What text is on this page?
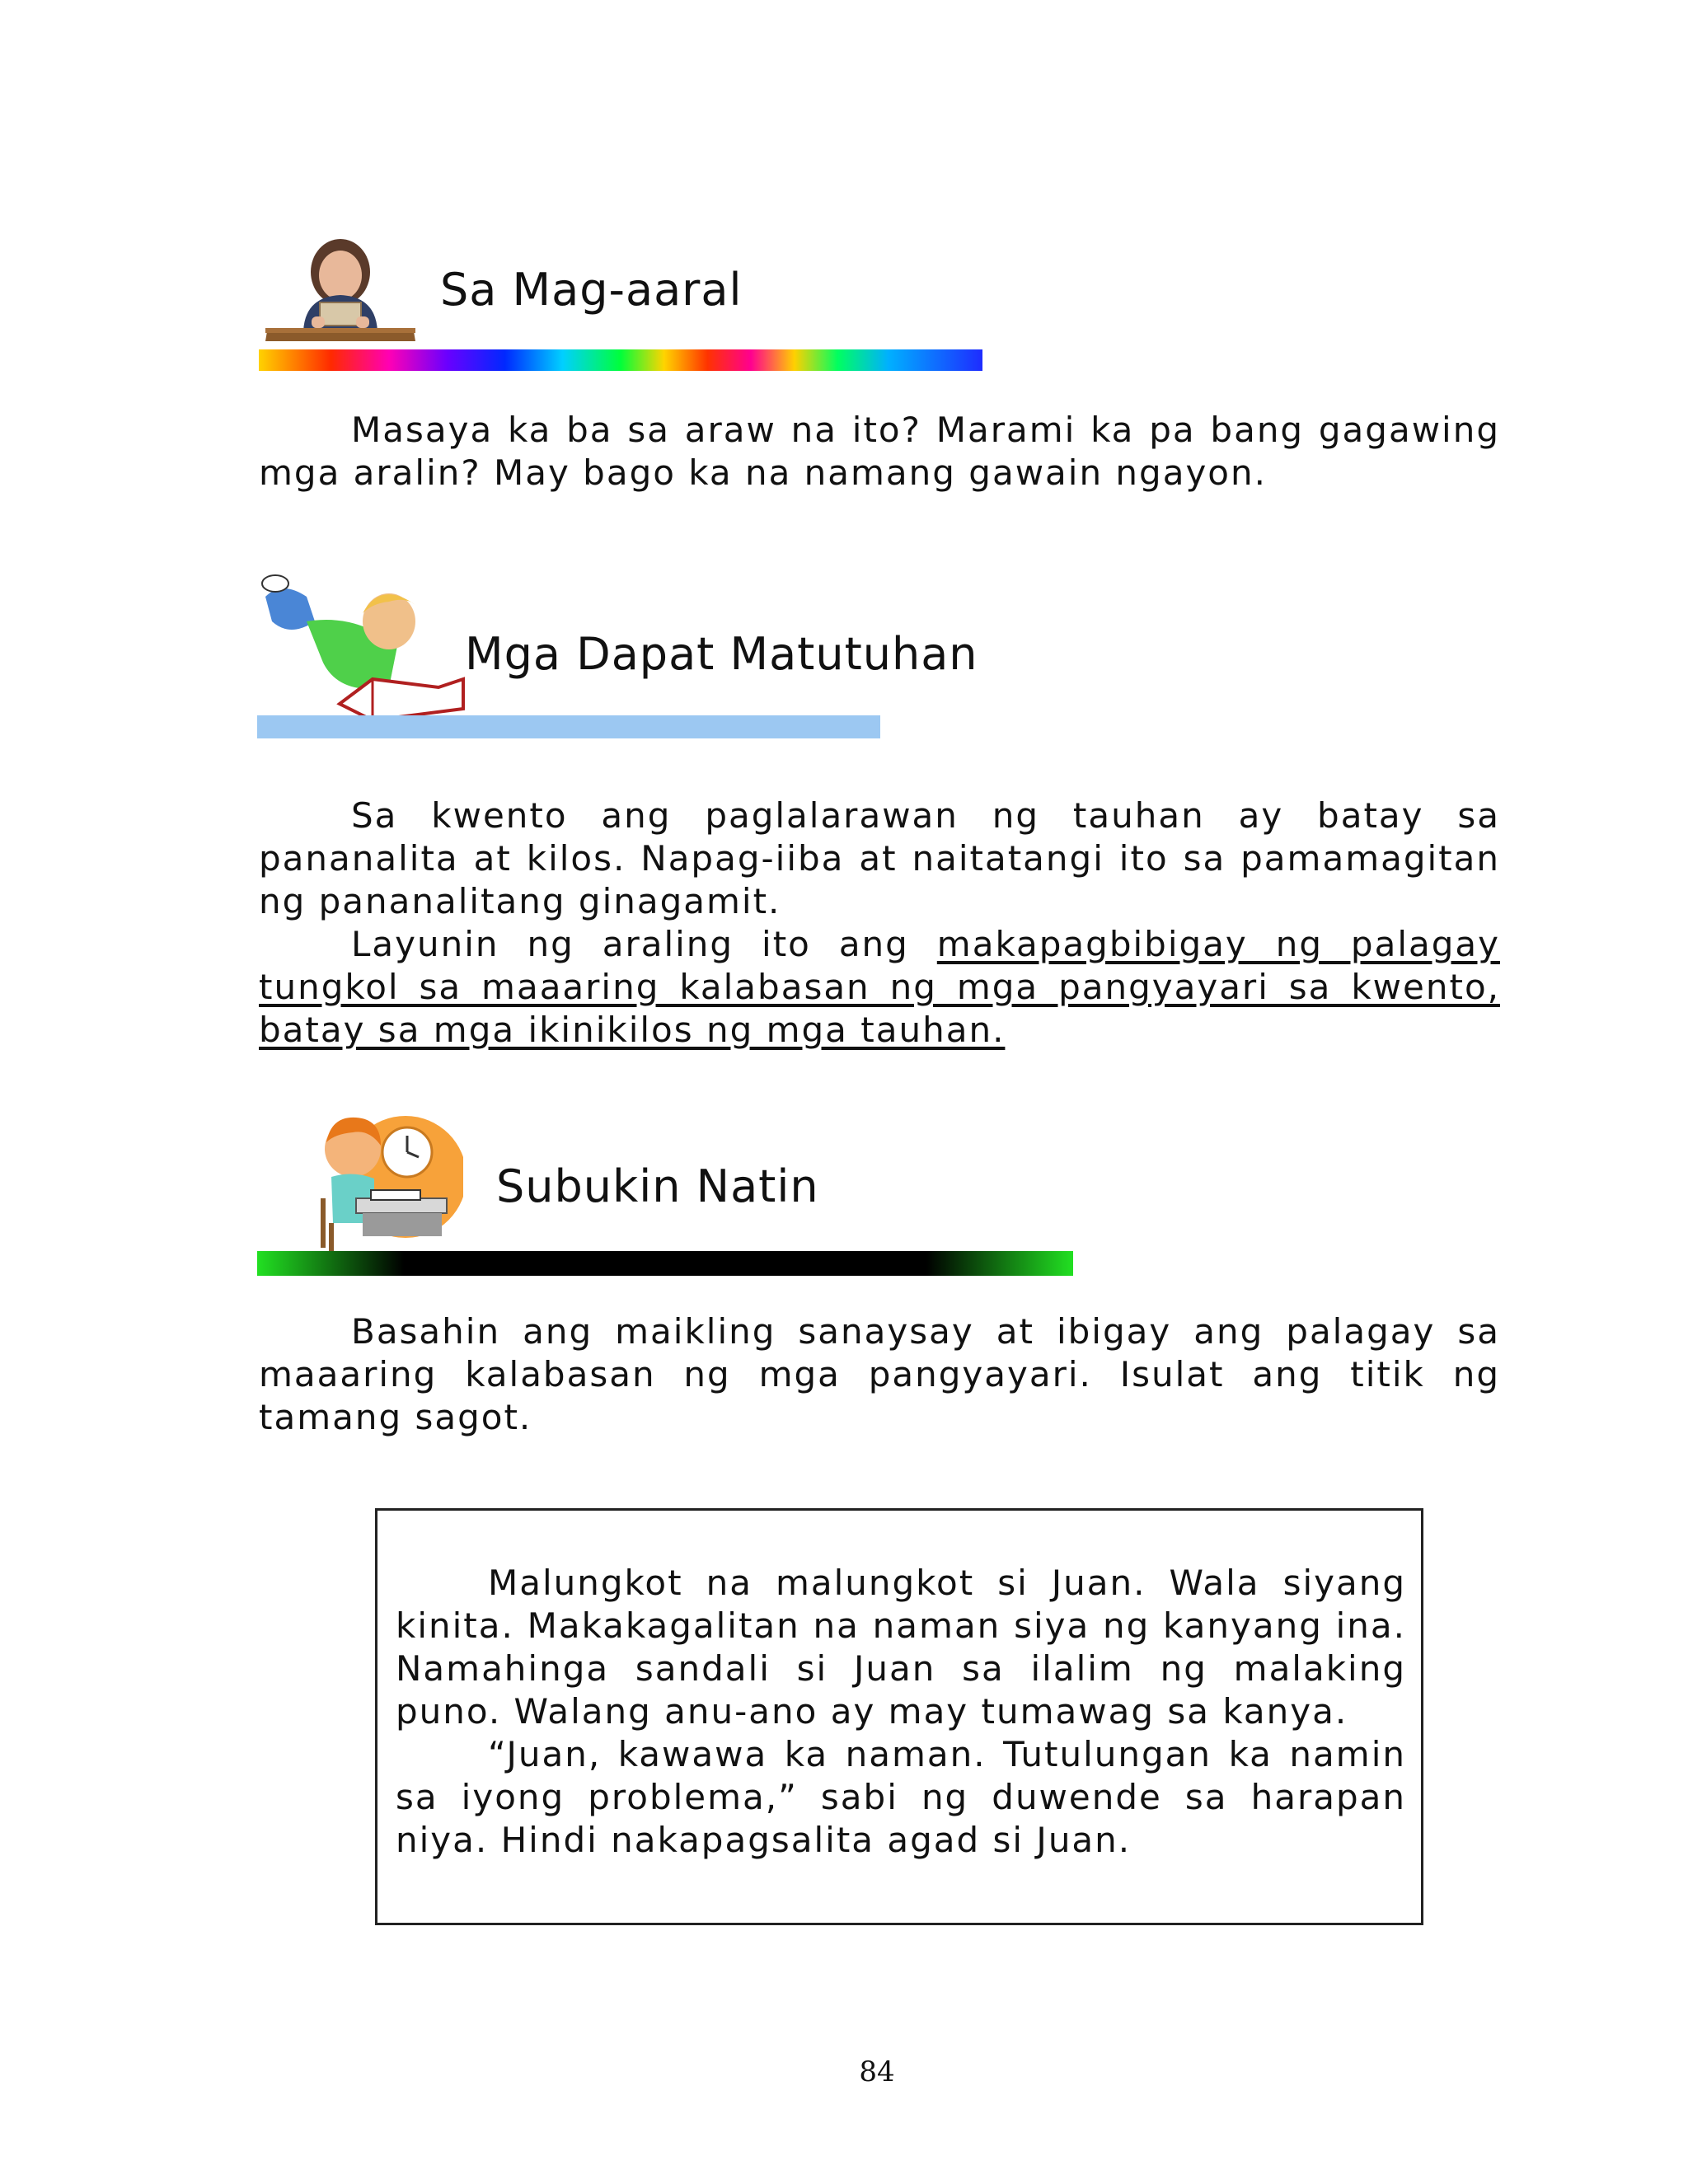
Sa Mag-aaral

Masaya ka ba sa araw na ito? Marami ka pa bang gagawing mga aralin? May bago ka na namang gawain ngayon.

Mga Dapat Matutuhan

Sa kwento ang paglalarawan ng tauhan ay batay sa pananalita at kilos. Napag-iiba at naitatangi ito sa pamamagitan ng pananalitang ginagamit.

Layunin ng araling ito ang makapagbibigay ng palagay tungkol sa maaaring kalabasan ng mga pangyayari sa kwento, batay sa mga ikinikilos ng mga tauhan.

Subukin Natin

Basahin ang maikling sanaysay at ibigay ang palagay sa maaaring kalabasan ng mga pangyayari. Isulat ang titik ng tamang sagot.

Malungkot na malungkot si Juan. Wala siyang kinita. Makakagalitan na naman siya ng kanyang ina. Namahinga sandali si Juan sa ilalim ng malaking puno. Walang anu-ano ay may tumawag sa kanya.

“Juan, kawawa ka naman. Tutulungan ka namin sa iyong problema,” sabi ng duwende sa harapan niya. Hindi nakapagsalita agad si Juan.

84
